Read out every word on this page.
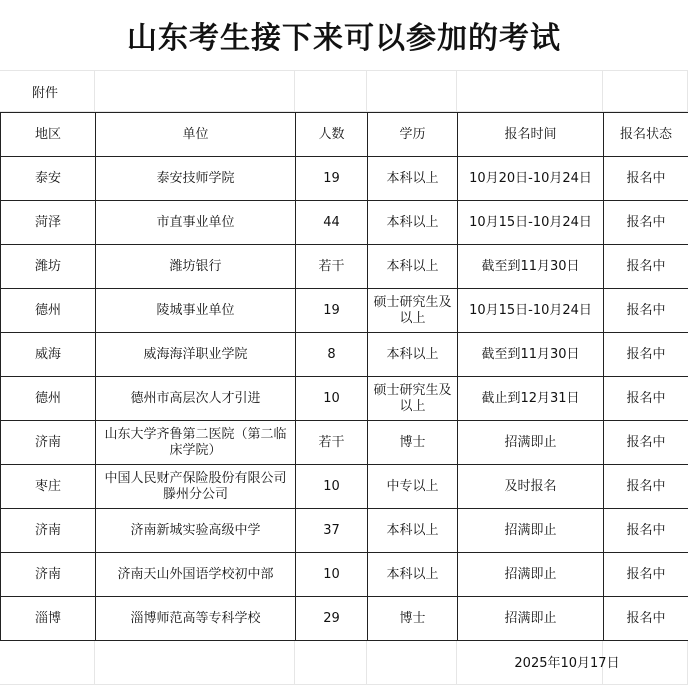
山东考生接下来可以参加的考试
附件
地区	单位	人数	学历	报名时间	报名状态
泰安	泰安技师学院	19	本科以上	10月20日-10月24日	报名中
菏泽	市直事业单位	44	本科以上	10月15日-10月24日	报名中
潍坊	潍坊银行	若干	本科以上	截至到11月30日	报名中
德州	陵城事业单位	19	硕士研究生及以上	10月15日-10月24日	报名中
威海	威海海洋职业学院	8	本科以上	截至到11月30日	报名中
德州	德州市高层次人才引进	10	硕士研究生及以上	截止到12月31日	报名中
济南	山东大学齐鲁第二医院（第二临床学院）	若干	博士	招满即止	报名中
枣庄	中国人民财产保险股份有限公司滕州分公司	10	中专以上	及时报名	报名中
济南	济南新城实验高级中学	37	本科以上	招满即止	报名中
济南	济南天山外国语学校初中部	10	本科以上	招满即止	报名中
淄博	淄博师范高等专科学校	29	博士	招满即止	报名中
2025年10月17日
